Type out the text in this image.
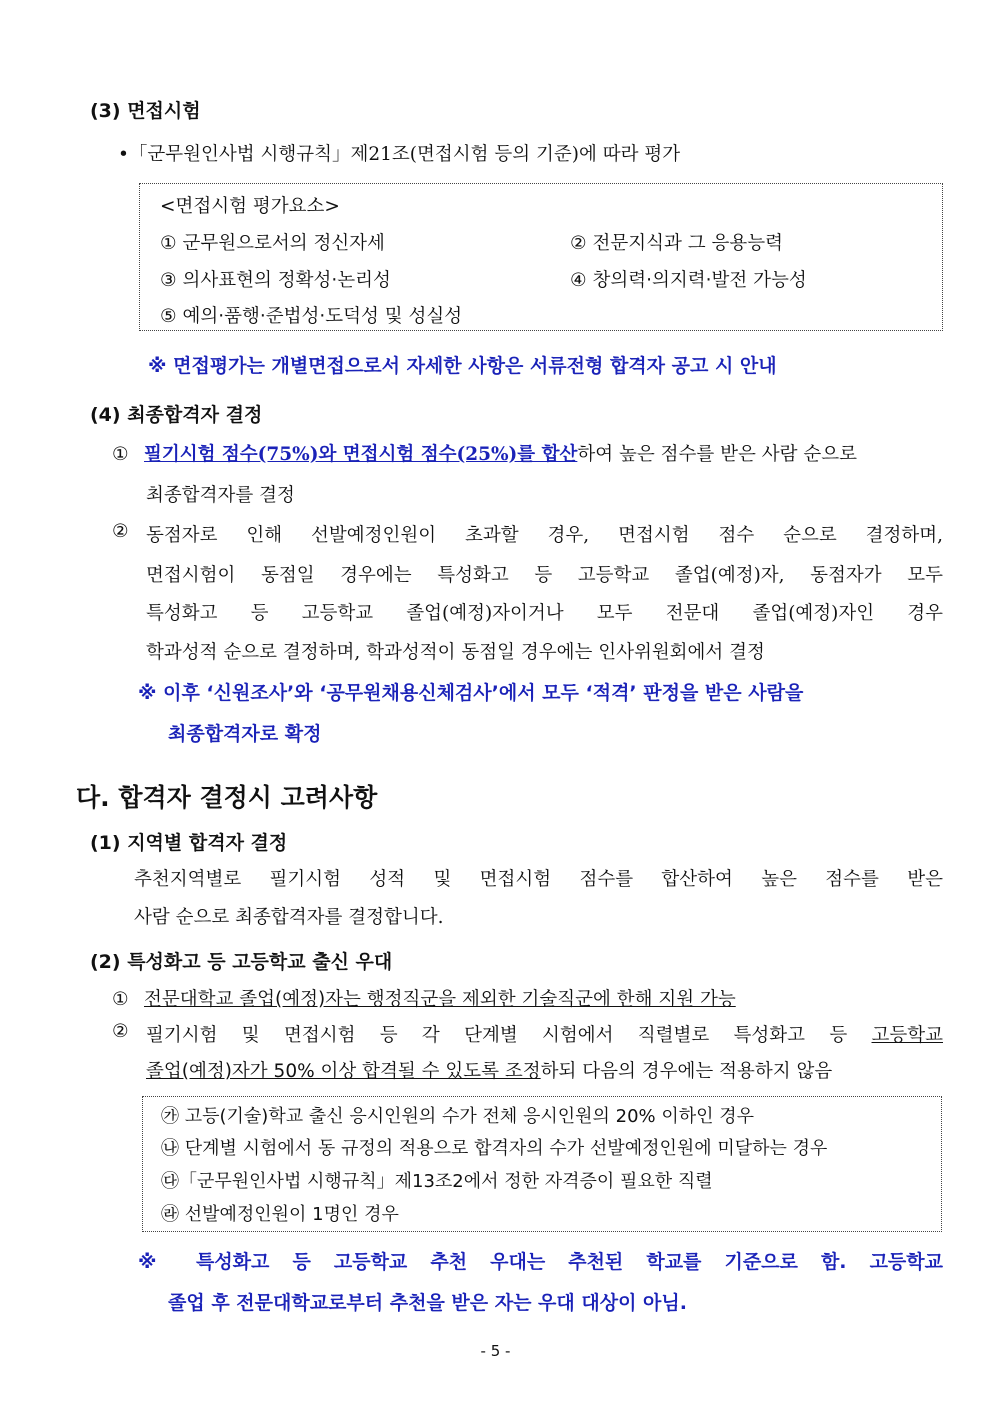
(3) 면접시험
•「군무원인사법 시행규칙」제21조(면접시험 등의 기준)에 따라 평가
<면접시험 평가요소>
① 군무원으로서의 정신자세	② 전문지식과 그 응용능력
③ 의사표현의 정확성·논리성	④ 창의력·의지력·발전 가능성
⑤ 예의·품행·준법성·도덕성 및 성실성
※ 면접평가는 개별면접으로서 자세한 사항은 서류전형 합격자 공고 시 안내
(4) 최종합격자 결정
① 필기시험 점수(75%)와 면접시험 점수(25%)를 합산하여 높은 점수를 받은 사람 순으로
최종합격자를 결정
② 동점자로 인해 선발예정인원이 초과할 경우, 면접시험 점수 순으로 결정하며,
면접시험이 동점일 경우에는 특성화고 등 고등학교 졸업(예정)자, 동점자가 모두
특성화고 등 고등학교 졸업(예정)자이거나 모두 전문대 졸업(예정)자인 경우
학과성적 순으로 결정하며, 학과성적이 동점일 경우에는 인사위원회에서 결정
※ 이후 ‘신원조사’와 ‘공무원채용신체검사’에서 모두 ‘적격’ 판정을 받은 사람을
최종합격자로 확정
다. 합격자 결정시 고려사항
(1) 지역별 합격자 결정
추천지역별로 필기시험 성적 및 면접시험 점수를 합산하여 높은 점수를 받은
사람 순으로 최종합격자를 결정합니다.
(2) 특성화고 등 고등학교 출신 우대
① 전문대학교 졸업(예정)자는 행정직군을 제외한 기술직군에 한해 지원 가능
② 필기시험 및 면접시험 등 각 단계별 시험에서 직렬별로 특성화고 등 고등학교
졸업(예정)자가 50% 이상 합격될 수 있도록 조정하되 다음의 경우에는 적용하지 않음
㉮ 고등(기술)학교 출신 응시인원의 수가 전체 응시인원의 20% 이하인 경우
㉯ 단계별 시험에서 동 규정의 적용으로 합격자의 수가 선발예정인원에 미달하는 경우
㉰「군무원인사법 시행규칙」제13조2에서 정한 자격증이 필요한 직렬
㉱ 선발예정인원이 1명인 경우
※ 특성화고 등 고등학교 추천 우대는 추천된 학교를 기준으로 함. 고등학교
졸업 후 전문대학교로부터 추천을 받은 자는 우대 대상이 아님.
- 5 -
